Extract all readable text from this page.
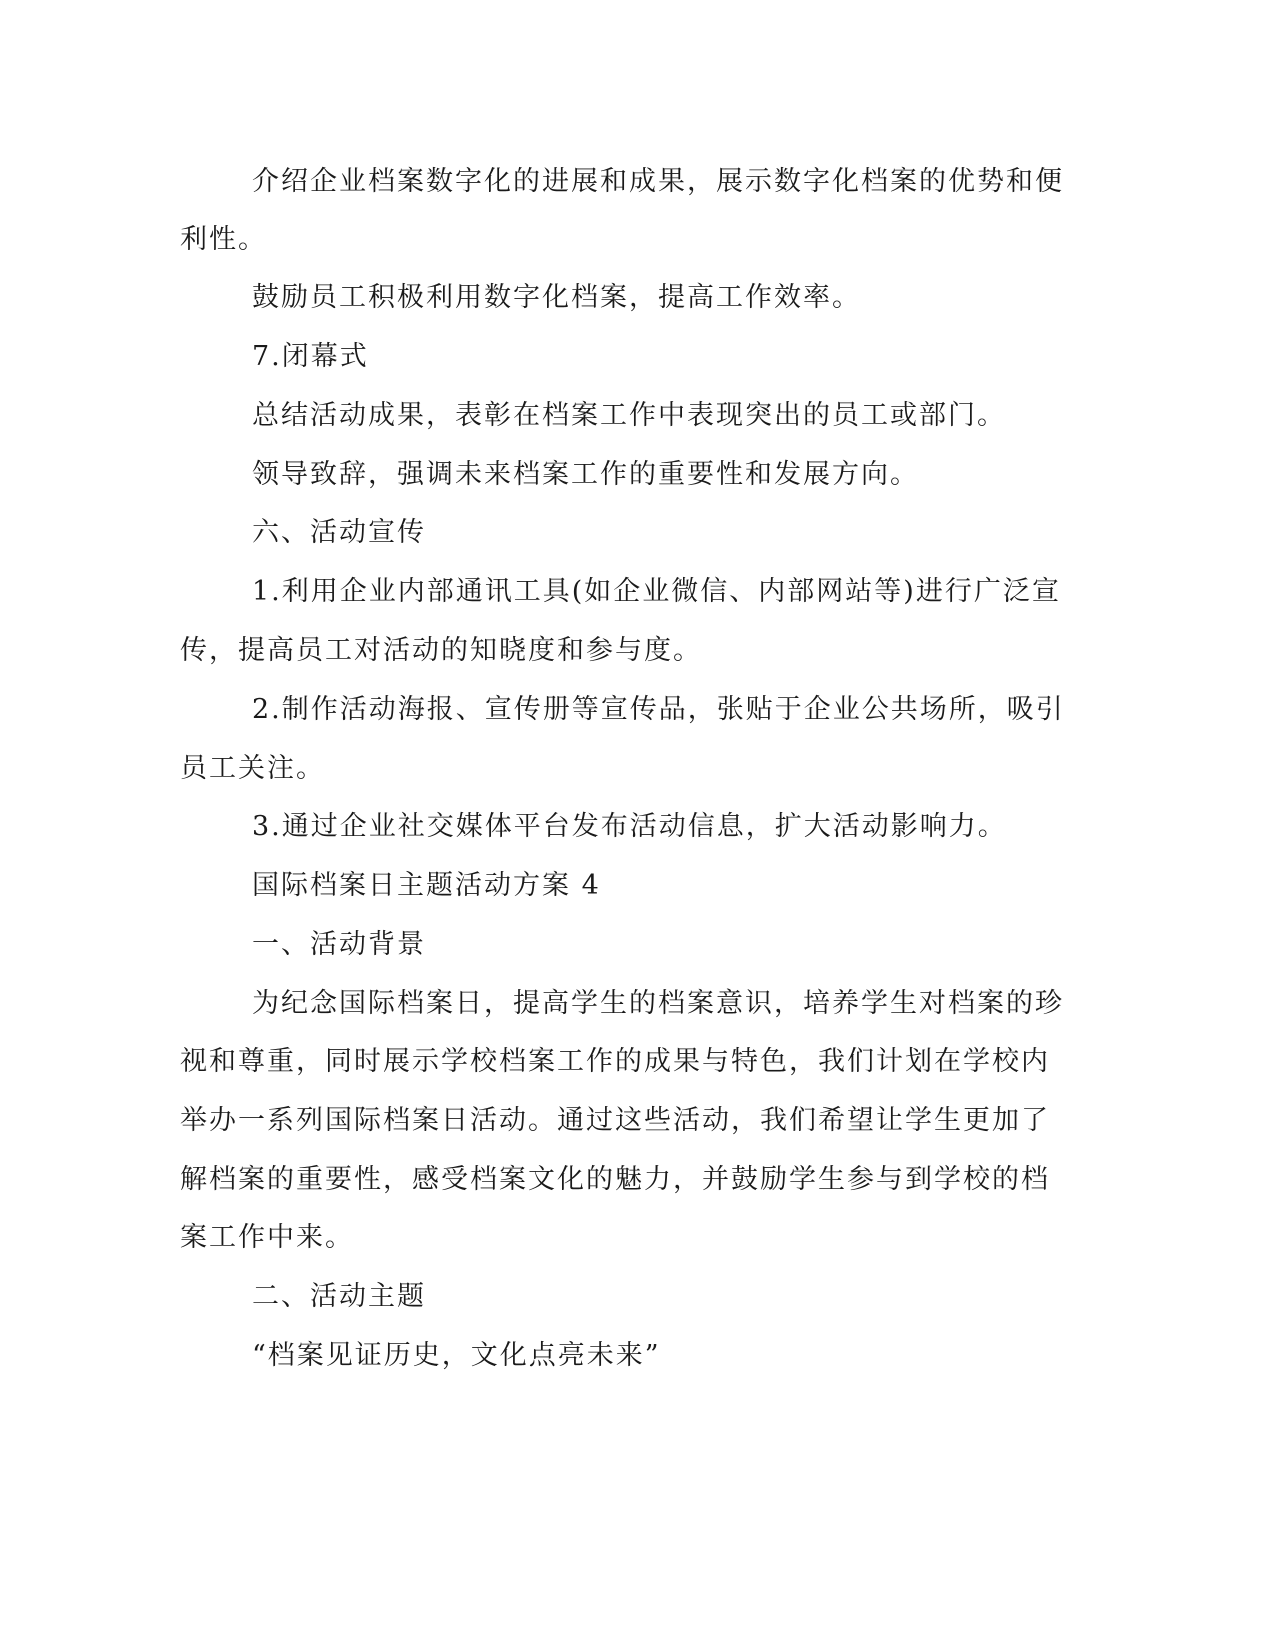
介绍企业档案数字化的进展和成果，展示数字化档案的优势和便
利性。
鼓励员工积极利用数字化档案，提高工作效率。
7.闭幕式
总结活动成果，表彰在档案工作中表现突出的员工或部门。
领导致辞，强调未来档案工作的重要性和发展方向。
六、活动宣传
1.利用企业内部通讯工具(如企业微信、内部网站等)进行广泛宣
传，提高员工对活动的知晓度和参与度。
2.制作活动海报、宣传册等宣传品，张贴于企业公共场所，吸引
员工关注。
3.通过企业社交媒体平台发布活动信息，扩大活动影响力。
国际档案日主题活动方案 4
一、活动背景
为纪念国际档案日，提高学生的档案意识，培养学生对档案的珍
视和尊重，同时展示学校档案工作的成果与特色，我们计划在学校内
举办一系列国际档案日活动。通过这些活动，我们希望让学生更加了
解档案的重要性，感受档案文化的魅力，并鼓励学生参与到学校的档
案工作中来。
二、活动主题
“档案见证历史，文化点亮未来”
